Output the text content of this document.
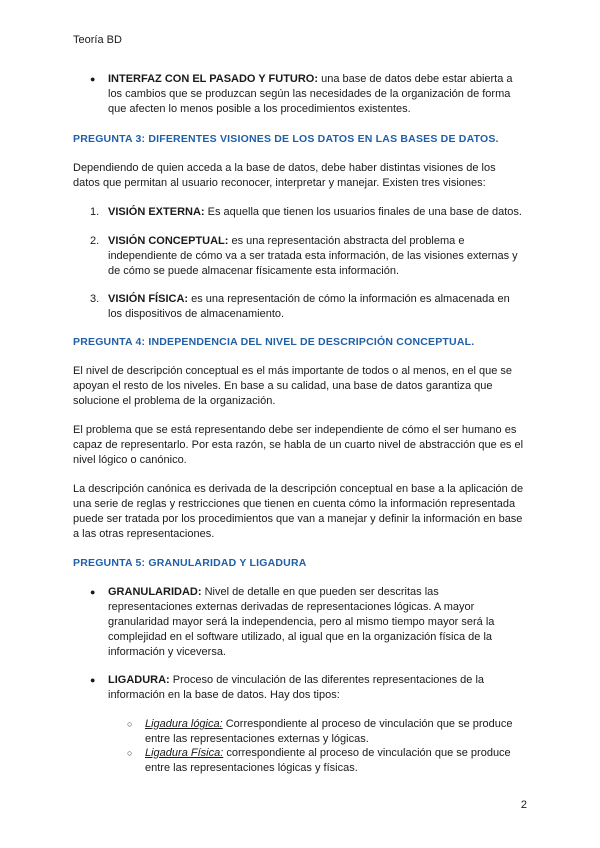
Teoría BD
● INTERFAZ CON EL PASADO Y FUTURO: una base de datos debe estar abierta a

los cambios que se produzcan según las necesidades de la organización de forma

que afecten lo menos posible a los procedimientos existentes.

PREGUNTA 3: DIFERENTES VISIONES DE LOS DATOS EN LAS BASES DE DATOS.

Dependiendo de quien acceda a la base de datos, debe haber distintas visiones de los

datos que permitan al usuario reconocer, interpretar y manejar. Existen tres visiones:

1. VISIÓN EXTERNA: Es aquella que tienen los usuarios finales de una base de datos.

2. VISIÓN CONCEPTUAL: es una representación abstracta del problema e

independiente de cómo va a ser tratada esta información, de las visiones externas y

de cómo se puede almacenar físicamente esta información.

3. VISIÓN FÍSICA: es una representación de cómo la información es almacenada en

los dispositivos de almacenamiento.

PREGUNTA 4: INDEPENDENCIA DEL NIVEL DE DESCRIPCIÓN CONCEPTUAL.

El nivel de descripción conceptual es el más importante de todos o al menos, en el que se

apoyan el resto de los niveles. En base a su calidad, una base de datos garantiza que

solucione el problema de la organización.

El problema que se está representando debe ser independiente de cómo el ser humano es

capaz de representarlo. Por esta razón, se habla de un cuarto nivel de abstracción que es el

nivel lógico o canónico.

La descripción canónica es derivada de la descripción conceptual en base a la aplicación de

una serie de reglas y restricciones que tienen en cuenta cómo la información representada

puede ser tratada por los procedimientos que van a manejar y definir la información en base

a las otras representaciones.

PREGUNTA 5: GRANULARIDAD Y LIGADURA
● GRANULARIDAD: Nivel de detalle en que pueden ser descritas las

representaciones externas derivadas de representaciones lógicas. A mayor

granularidad mayor será la independencia, pero al mismo tiempo mayor será la

complejidad en el software utilizado, al igual que en la organización física de la

información y viceversa.

● LIGADURA: Proceso de vinculación de las diferentes representaciones de la

información en la base de datos. Hay dos tipos:

○ Ligadura lógica: Correspondiente al proceso de vinculación que se produce

entre las representaciones externas y lógicas.

○ Ligadura Física: correspondiente al proceso de vinculación que se produce

entre las representaciones lógicas y físicas.

2
